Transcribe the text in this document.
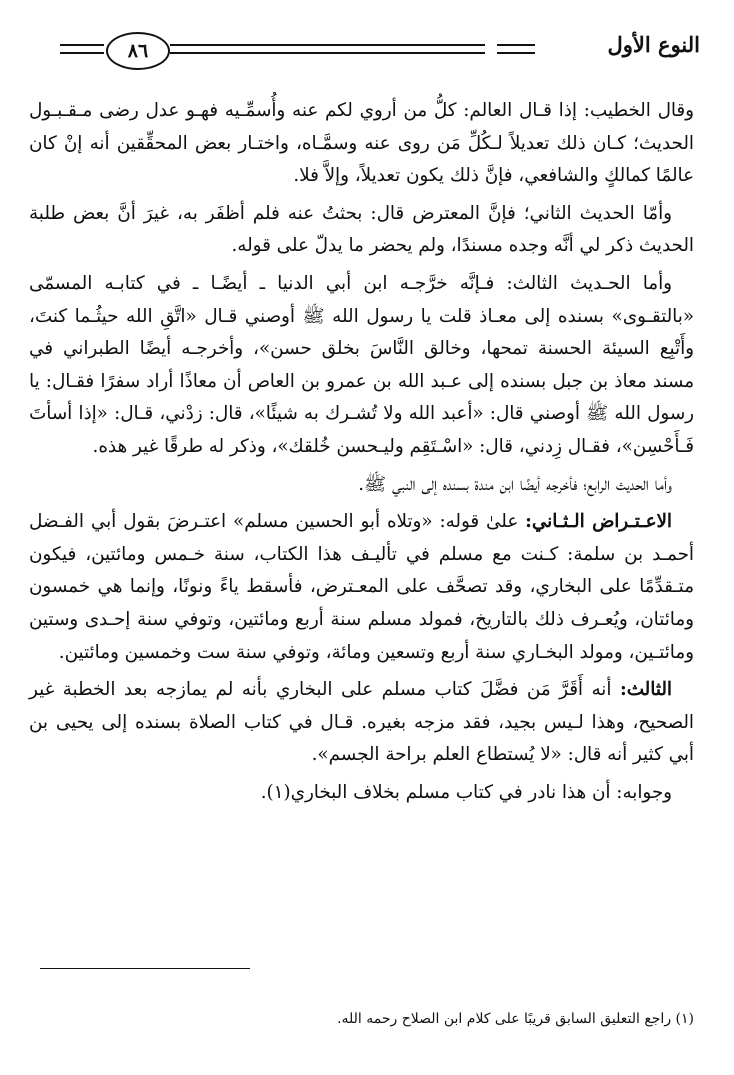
النوع الأول
٨٦

وقال الخطيب: إذا قـال العالم: كلُّ من أروي لكم عنه وأُسمِّـيه فهـو عدل رضى مـقـبـول الحديث؛ كـان ذلك تعديلاً لـكُلِّ مَن روى عنه وسمَّـاه، واختـار بعض المحقِّقين أنه إنْ كان عالمًا كمالكٍ والشافعي، فإنَّ ذلك يكون تعديلاً، وإلاَّ فلا.

وأمّا الحديث الثاني؛ فإنَّ المعترض قال: بحثتُ عنه فلم أظفَر به، غيرَ أنَّ بعض طلبة الحديث ذكر لي أنَّه وجده مسندًا، ولم يحضر ما يدلّ على قوله.

وأما الحـديث الثالث: فـإنَّه خرَّجـه ابن أبي الدنيا ـ أيضًـا ـ في كتابـه المسمّى «بالتقـوى» بسنده إلى معـاذ قلت يا رسول الله ﷺ أوصني قـال «اتَّقِ الله حيثُـما كنتَ، وأَتْبِع السيئة الحسنة تمحها، وخالق النَّاسَ بخلق حسن»، وأخرجـه أيضًا الطبراني في مسند معاذ بن جبل بسنده إلى عـبد الله بن عمرو بن العاص أن معاذًا أراد سفرًا فقـال: يا رسول الله ﷺ أوصني قال: «أعبد الله ولا تُشـرك به شيئًا»، قال: زدْني، قـال: «إذا أسأتَ فَـأَحْسِن»، فقـال زِدني، قال: «اسْـتَقِم وليـحسن خُلقك»، وذكر له طرقًا غير هذه.

وأما الحديث الرابع؛ فأخرجه أيضًا ابن مندة بسنده إلى النبي ﷺ.

الاعـتـراض الـثـاني: علىٰ قوله: «وتلاه أبو الحسين مسلم» اعتـرضَ بقول أبي الفـضل أحمـد بن سلمة: كـنت مع مسلم في تأليـف هذا الكتاب، سنة خـمس ومائتين، فيكون متـقدِّمًا على البخاري، وقد تصحَّف على المعـترض، فأسقط ياءً ونونًا، وإنما هي خمسون ومائتان، ويُعـرف ذلك بالتاريخ، فمولد مسلم سنة أربع ومائتين، وتوفي سنة إحـدى وستين ومائتـين، ومولد البخـاري سنة أربع وتسعين ومائة، وتوفي سنة ست وخمسين ومائتين.

الثالث: أنه أَقَرَّ مَن فضَّلَ كتاب مسلم على البخاري بأنه لم يمازجه بعد الخطبة غير الصحيح، وهذا لـيس بجيد، فقد مزجه بغيره. قـال في كتاب الصلاة بسنده إلى يحيى بن أبي كثير أنه قال: «لا يُستطاع العلم براحة الجسم».

وجوابه: أن هذا نادر في كتاب مسلم بخلاف البخاري(١).

(١) راجع التعليق السابق قريبًا على كلام ابن الصلاح رحمه الله.
